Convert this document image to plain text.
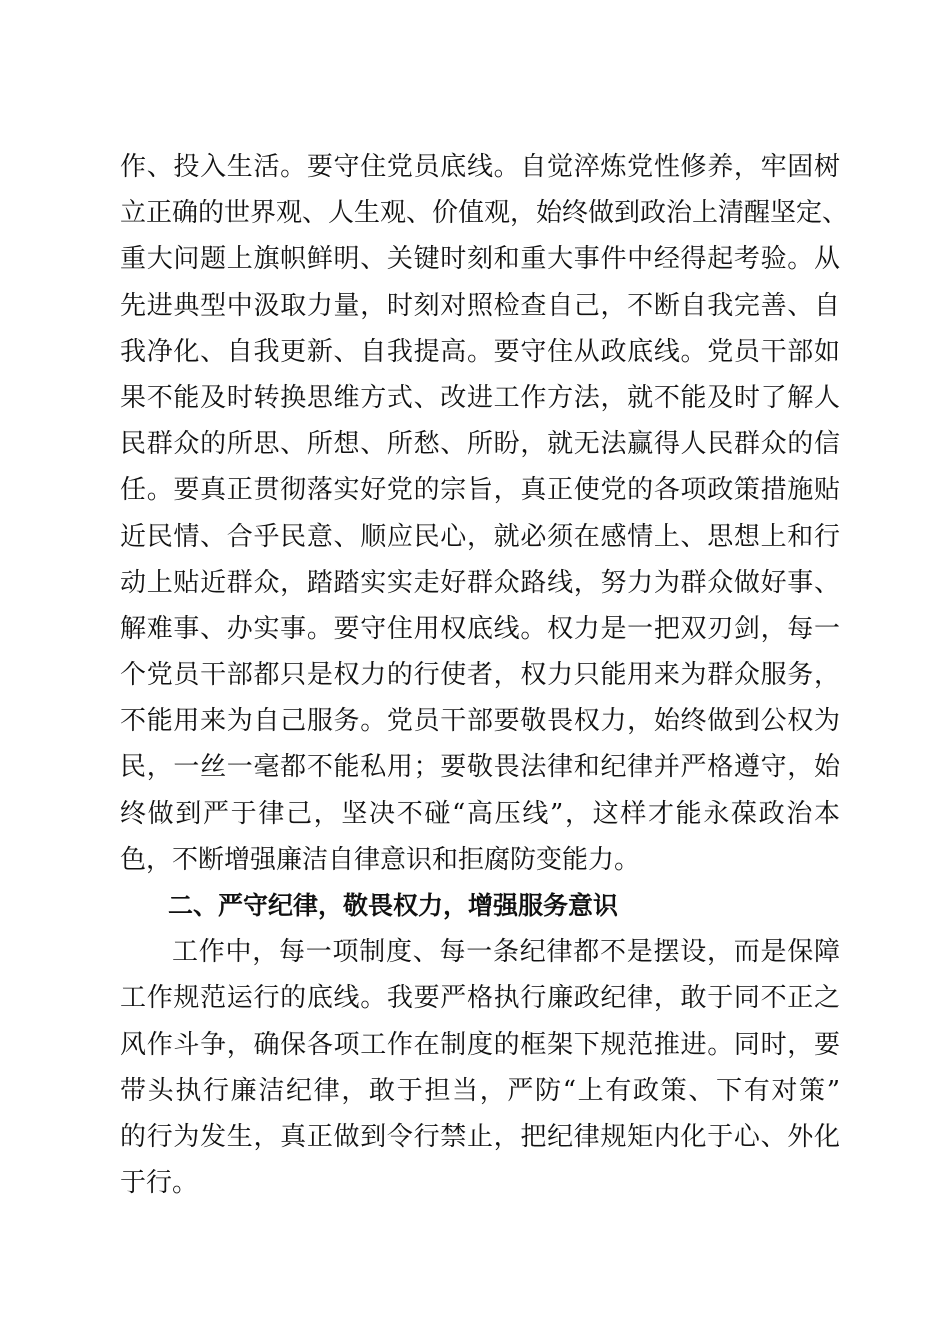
作、投入生活。要守住党员底线。自觉淬炼党性修养，牢固树
立正确的世界观、人生观、价值观，始终做到政治上清醒坚定、
重大问题上旗帜鲜明、关键时刻和重大事件中经得起考验。从
先进典型中汲取力量，时刻对照检查自己，不断自我完善、自
我净化、自我更新、自我提高。要守住从政底线。党员干部如
果不能及时转换思维方式、改进工作方法，就不能及时了解人
民群众的所思、所想、所愁、所盼，就无法赢得人民群众的信
任。要真正贯彻落实好党的宗旨，真正使党的各项政策措施贴
近民情、合乎民意、顺应民心，就必须在感情上、思想上和行
动上贴近群众，踏踏实实走好群众路线，努力为群众做好事、
解难事、办实事。要守住用权底线。权力是一把双刃剑，每一
个党员干部都只是权力的行使者，权力只能用来为群众服务，
不能用来为自己服务。党员干部要敬畏权力，始终做到公权为
民，一丝一毫都不能私用；要敬畏法律和纪律并严格遵守，始
终做到严于律己，坚决不碰“高压线”，这样才能永葆政治本
色，不断增强廉洁自律意识和拒腐防变能力。
二、严守纪律，敬畏权力，增强服务意识
工作中，每一项制度、每一条纪律都不是摆设，而是保障
工作规范运行的底线。我要严格执行廉政纪律，敢于同不正之
风作斗争，确保各项工作在制度的框架下规范推进。同时，要
带头执行廉洁纪律，敢于担当，严防“上有政策、下有对策”
的行为发生，真正做到令行禁止，把纪律规矩内化于心、外化
于行。
